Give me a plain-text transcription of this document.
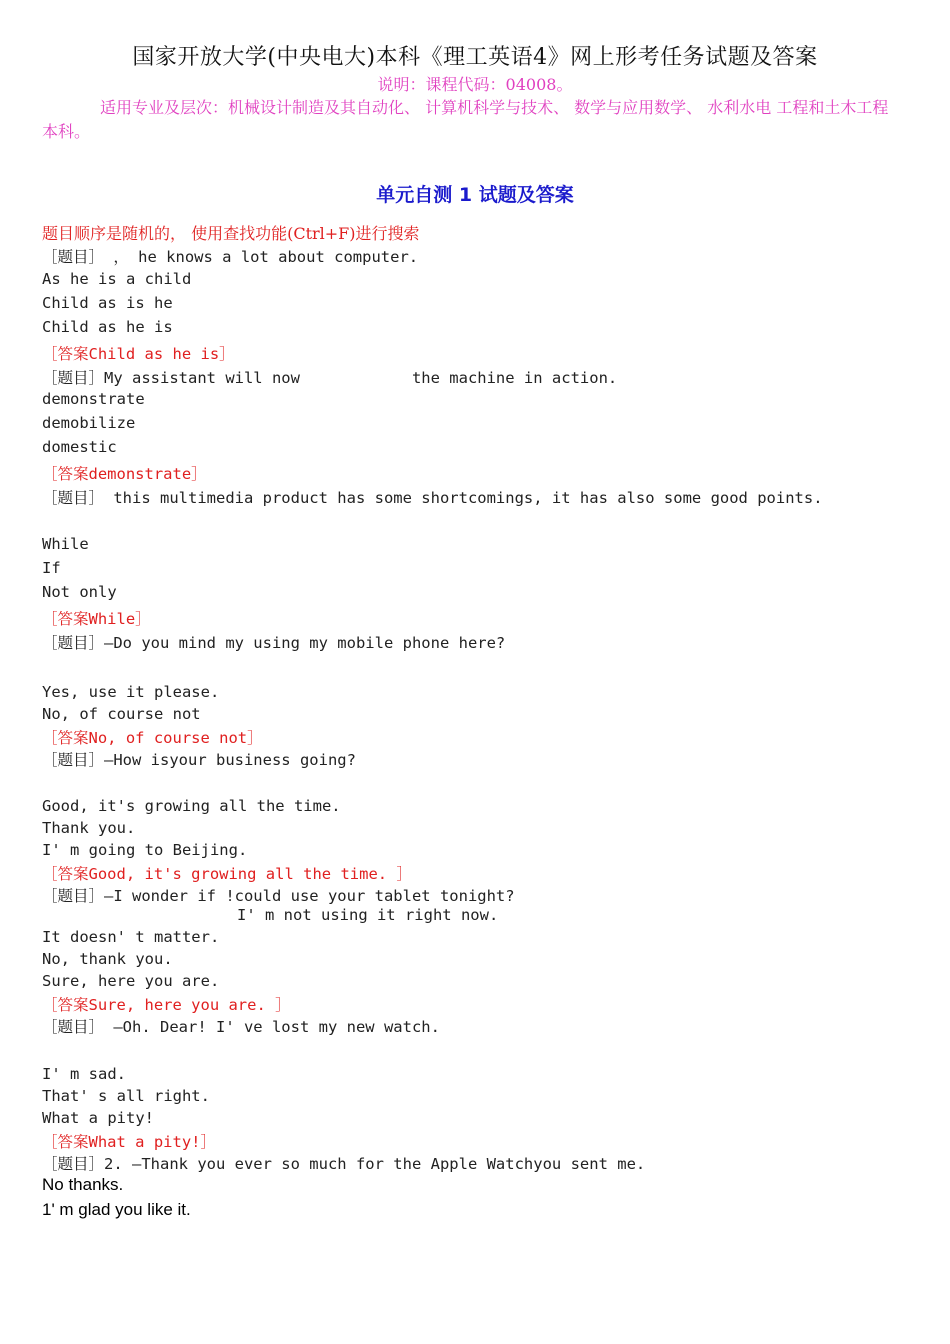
国家开放大学(中央电大)本科《理工英语4》网上形考任务试题及答案
说明：课程代码：04008。
适用专业及层次：机械设计制造及其自动化、 计算机科学与技术、 数学与应用数学、 水利水电 工程和土木工程本科。
单元自测 1 试题及答案
题目顺序是随机的， 使用查找功能(Ctrl+F)进行搜索
［题目］ ， he knows a lot about computer.
As he is a child
Child as is he
Child as he is
［答案Child as he is］
［题目］My assistant will now            the machine in action.
demonstrate
demobilize
domestic
［答案demonstrate］
［题目］ this multimedia product has some shortcomings, it has also some good points.
While
If
Not only
［答案While］
［题目］—Do you mind my using my mobile phone here?
Yes, use it please.
No, of course not
［答案No, of course not］
［题目］—How isyour business going?
Good, it's growing all the time.
Thank you.
I' m going to Beijing.
［答案Good, it's growing all the time. ］
［题目］—I wonder if !could use your tablet tonight?
I' m not using it right now.
It doesn' t matter.
No, thank you.
Sure, here you are.
［答案Sure, here you are. ］
［题目］ —Oh. Dear! I' ve lost my new watch.
I' m sad.
That' s all right.
What a pity!
［答案What a pity!］
［题目］2. —Thank you ever so much for the Apple Watchyou sent me.
No thanks.
1' m glad you like it.
